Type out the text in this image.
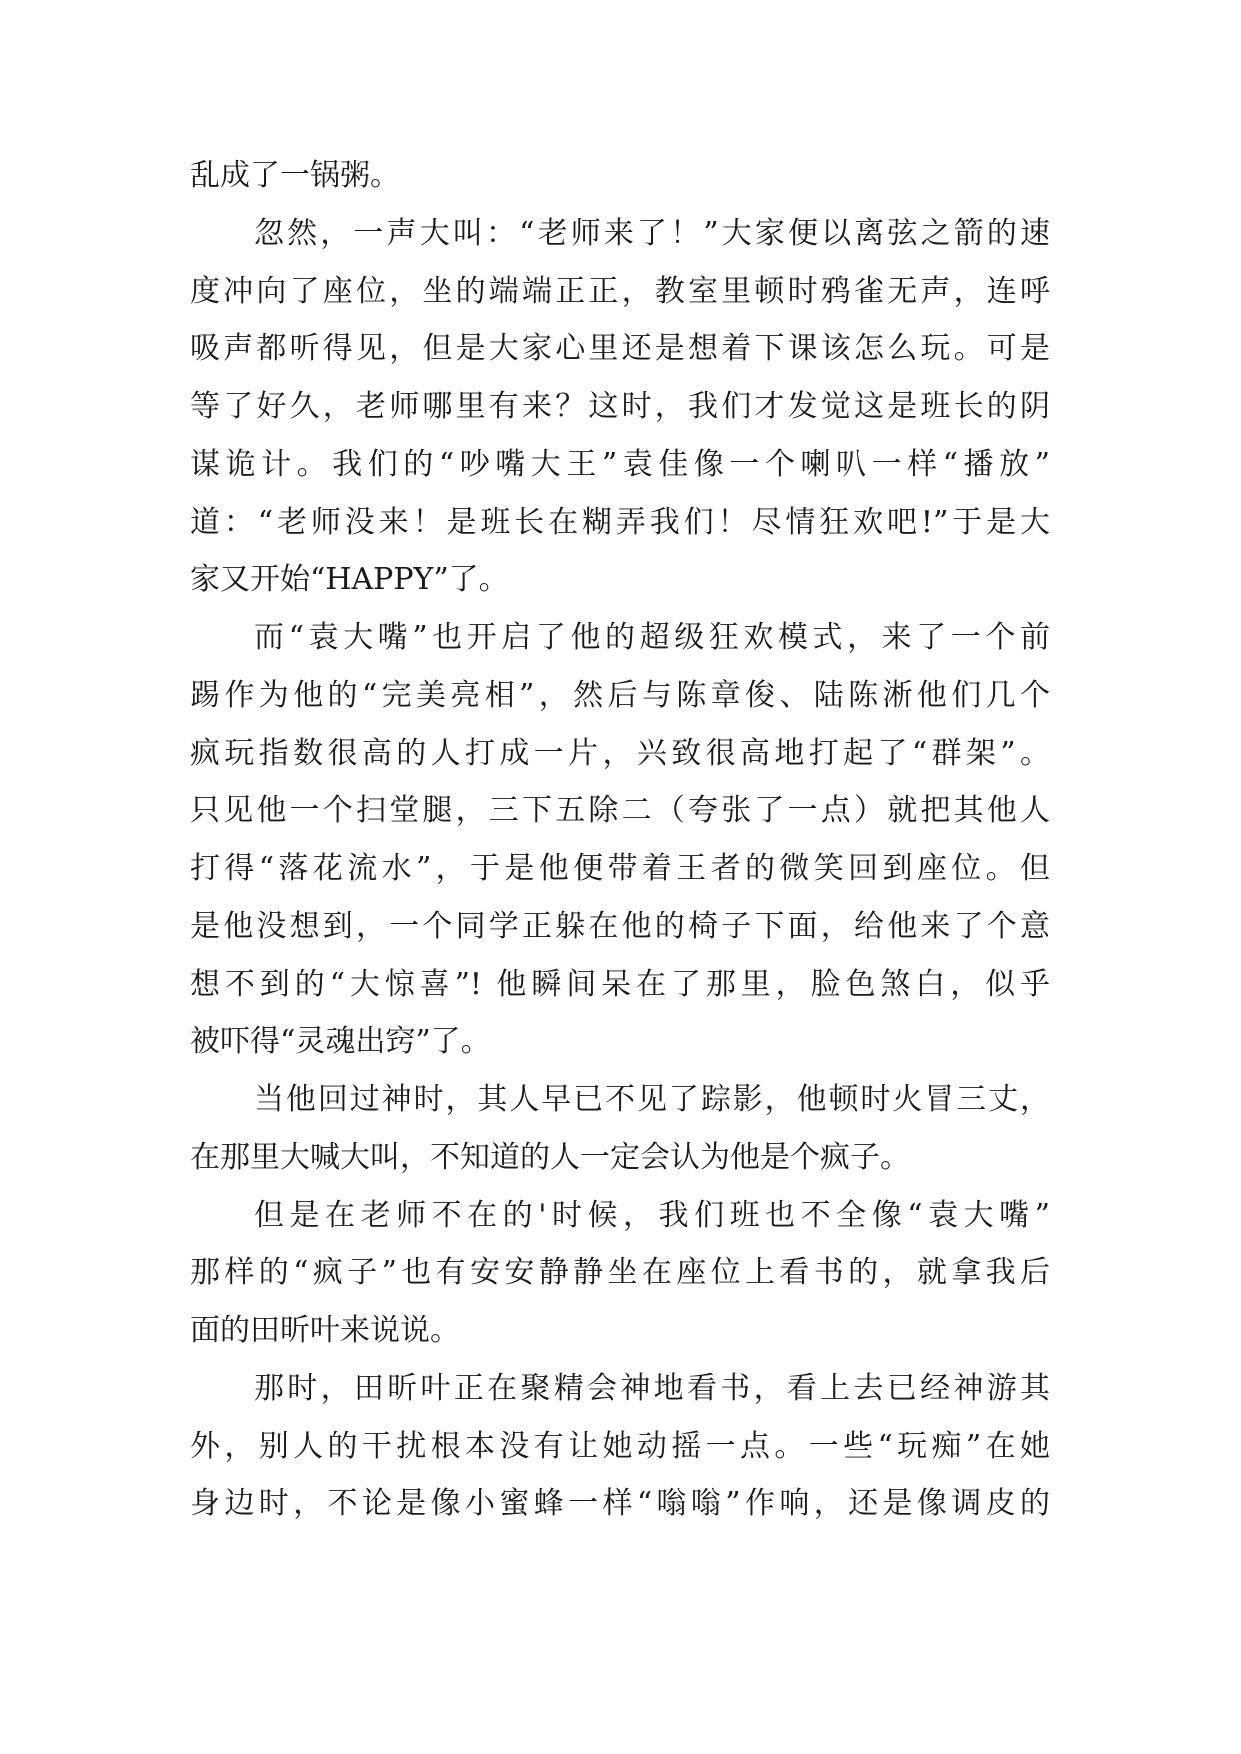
乱成了一锅粥。
忽然，一声大叫：“老师来了！”大家便以离弦之箭的速
度冲向了座位，坐的端端正正，教室里顿时鸦雀无声，连呼
吸声都听得见，但是大家心里还是想着下课该怎么玩。可是
等了好久，老师哪里有来？这时，我们才发觉这是班长的阴
谋诡计。我们的“吵嘴大王”袁佳像一个喇叭一样“播放”
道：“老师没来！是班长在糊弄我们！尽情狂欢吧!”于是大
家又开始“HAPPY”了。
而“袁大嘴”也开启了他的超级狂欢模式，来了一个前
踢作为他的“完美亮相”，然后与陈章俊、陆陈淅他们几个
疯玩指数很高的人打成一片，兴致很高地打起了“群架”。
只见他一个扫堂腿，三下五除二（夸张了一点）就把其他人
打得“落花流水”，于是他便带着王者的微笑回到座位。但
是他没想到，一个同学正躲在他的椅子下面，给他来了个意
想不到的“大惊喜”! 他瞬间呆在了那里，脸色煞白，似乎
被吓得“灵魂出窍”了。
当他回过神时，其人早已不见了踪影，他顿时火冒三丈，
在那里大喊大叫，不知道的人一定会认为他是个疯子。
但是在老师不在的'时候，我们班也不全像“袁大嘴”
那样的“疯子”也有安安静静坐在座位上看书的，就拿我后
面的田昕叶来说说。
那时，田昕叶正在聚精会神地看书，看上去已经神游其
外，别人的干扰根本没有让她动摇一点。一些“玩痴”在她
身边时，不论是像小蜜蜂一样“嗡嗡”作响，还是像调皮的
